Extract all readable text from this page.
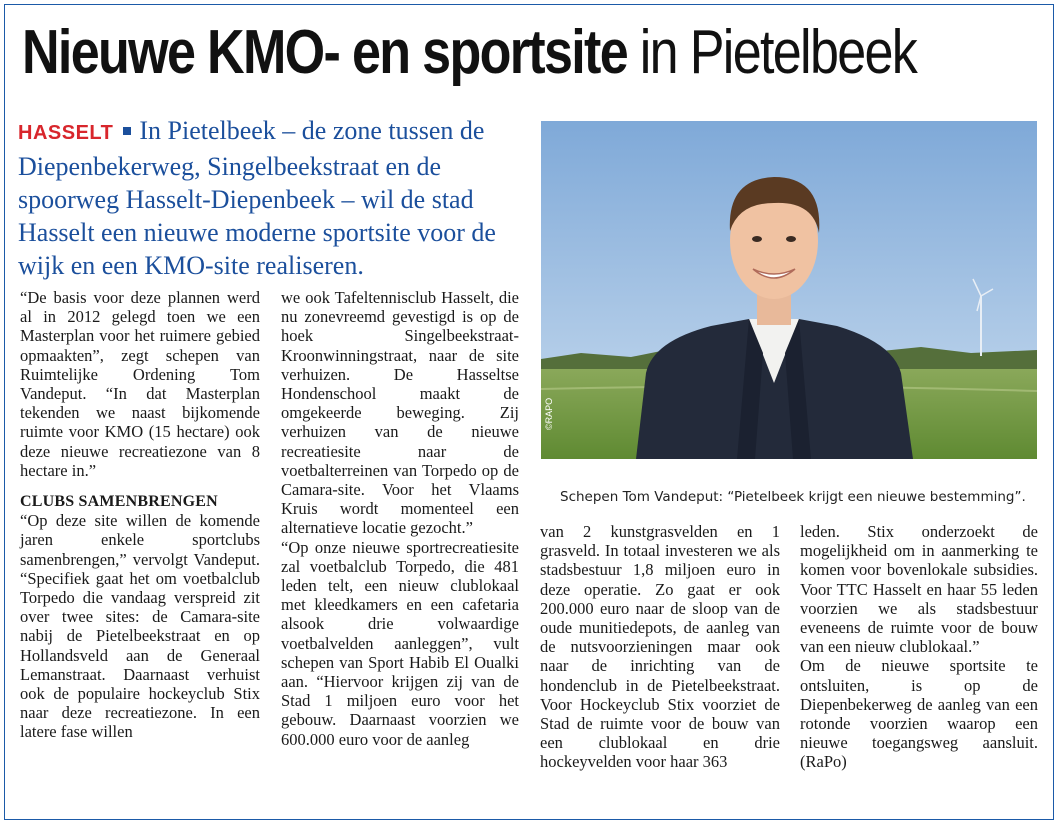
Nieuwe KMO- en sportsite in Pietelbeek

HASSELT In Pietelbeek – de zone tussen de Diepenbekerweg, Singelbeekstraat en de spoorweg Hasselt-Diepenbeek – wil de stad Hasselt een nieuwe moderne sportsite voor de wijk en een KMO-site realiseren.

©RAPO

Schepen Tom Vandeput: “Pietelbeek krijgt een nieuwe bestemming”.

“De basis voor deze plannen werd al in 2012 gelegd toen we een Masterplan voor het ruimere gebied opmaakten”, zegt schepen van Ruimtelijke Ordening Tom Vandeput. “In dat Masterplan tekenden we naast bijkomende ruimte voor KMO (15 hectare) ook deze nieuwe recreatiezone van 8 hectare in.”

CLUBS SAMENBRENGEN

“Op deze site willen de komende jaren enkele sportclubs samenbrengen,” vervolgt Vandeput. “Specifiek gaat het om voetbalclub Torpedo die vandaag verspreid zit over twee sites: de Camara-site nabij de Pietelbeekstraat en op Hollandsveld aan de Generaal Lemanstraat. Daarnaast verhuist ook de populaire hockeyclub Stix naar deze recreatiezone. In een latere fase willen

we ook Tafeltennisclub Hasselt, die nu zonevreemd gevestigd is op de hoek Singelbeekstraat-Kroonwinningstraat, naar de site verhuizen. De Hasseltse Hondenschool maakt de omgekeerde beweging. Zij verhuizen van de nieuwe recreatiesite naar de voetbalterreinen van Torpedo op de Camara-site. Voor het Vlaams Kruis wordt momenteel een alternatieve locatie gezocht.”

“Op onze nieuwe sportrecreatiesite zal voetbalclub Torpedo, die 481 leden telt, een nieuw clublokaal met kleedkamers en een cafetaria alsook drie volwaardige voetbalvelden aanleggen”, vult schepen van Sport Habib El Oualki aan. “Hiervoor krijgen zij van de Stad 1 miljoen euro voor het gebouw. Daarnaast voorzien we 600.000 euro voor de aanleg

van 2 kunstgrasvelden en 1 grasveld. In totaal investeren we als stadsbestuur 1,8 miljoen euro in deze operatie. Zo gaat er ook 200.000 euro naar de sloop van de oude munitiedepots, de aanleg van de nutsvoorzieningen maar ook naar de inrichting van de hondenclub in de Pietelbeekstraat. Voor Hockeyclub Stix voorziet de Stad de ruimte voor de bouw van een clublokaal en drie hockeyvelden voor haar 363

leden. Stix onderzoekt de mogelijkheid om in aanmerking te komen voor bovenlokale subsidies. Voor TTC Hasselt en haar 55 leden voorzien we als stadsbestuur eveneens de ruimte voor de bouw van een nieuw clublokaal.”

Om de nieuwe sportsite te ontsluiten, is op de Diepenbekerweg de aanleg van een rotonde voorzien waarop een nieuwe toegangsweg aansluit. (RaPo)
